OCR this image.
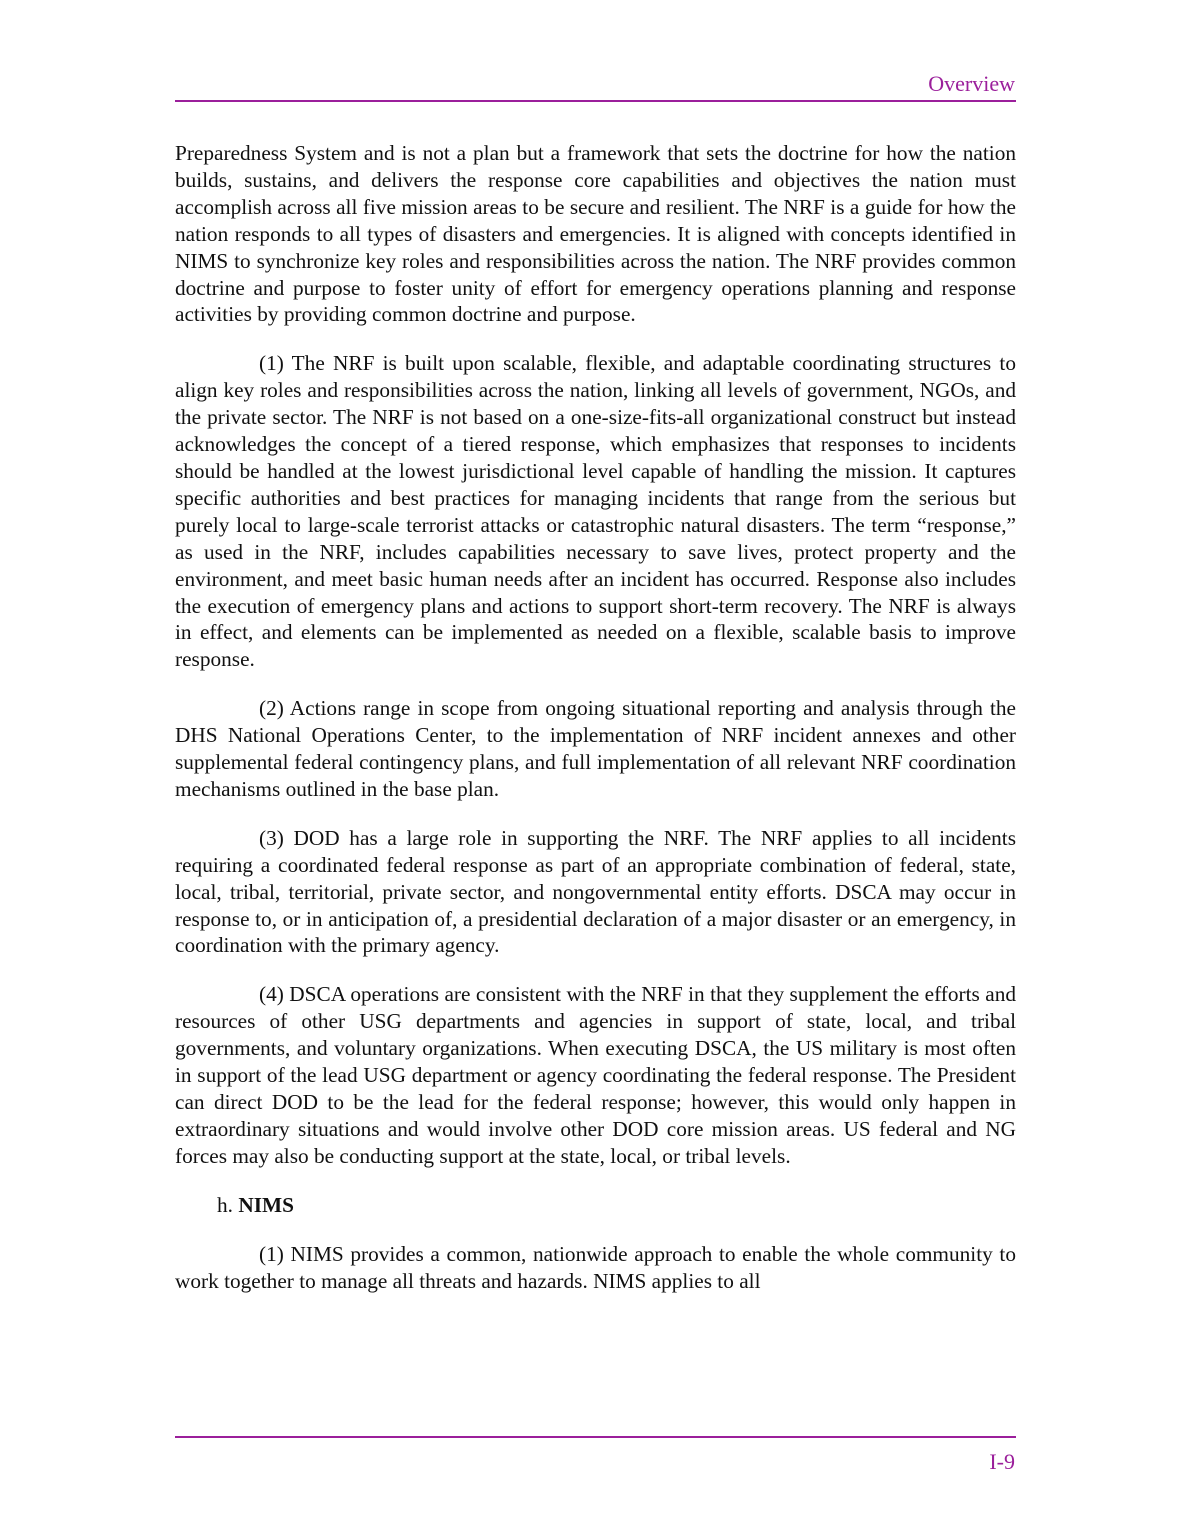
Overview

Preparedness System and is not a plan but a framework that sets the doctrine for how the nation builds, sustains, and delivers the response core capabilities and objectives the nation must accomplish across all five mission areas to be secure and resilient. The NRF is a guide for how the nation responds to all types of disasters and emergencies. It is aligned with concepts identified in NIMS to synchronize key roles and responsibilities across the nation. The NRF provides common doctrine and purpose to foster unity of effort for emergency operations planning and response activities by providing common doctrine and purpose.

(1) The NRF is built upon scalable, flexible, and adaptable coordinating structures to align key roles and responsibilities across the nation, linking all levels of government, NGOs, and the private sector. The NRF is not based on a one-size-fits-all organizational construct but instead acknowledges the concept of a tiered response, which emphasizes that responses to incidents should be handled at the lowest jurisdictional level capable of handling the mission. It captures specific authorities and best practices for managing incidents that range from the serious but purely local to large-scale terrorist attacks or catastrophic natural disasters. The term “response,” as used in the NRF, includes capabilities necessary to save lives, protect property and the environment, and meet basic human needs after an incident has occurred. Response also includes the execution of emergency plans and actions to support short-term recovery. The NRF is always in effect, and elements can be implemented as needed on a flexible, scalable basis to improve response.

(2) Actions range in scope from ongoing situational reporting and analysis through the DHS National Operations Center, to the implementation of NRF incident annexes and other supplemental federal contingency plans, and full implementation of all relevant NRF coordination mechanisms outlined in the base plan.

(3) DOD has a large role in supporting the NRF. The NRF applies to all incidents requiring a coordinated federal response as part of an appropriate combination of federal, state, local, tribal, territorial, private sector, and nongovernmental entity efforts. DSCA may occur in response to, or in anticipation of, a presidential declaration of a major disaster or an emergency, in coordination with the primary agency.

(4) DSCA operations are consistent with the NRF in that they supplement the efforts and resources of other USG departments and agencies in support of state, local, and tribal governments, and voluntary organizations. When executing DSCA, the US military is most often in support of the lead USG department or agency coordinating the federal response. The President can direct DOD to be the lead for the federal response; however, this would only happen in extraordinary situations and would involve other DOD core mission areas. US federal and NG forces may also be conducting support at the state, local, or tribal levels.

h. NIMS

(1) NIMS provides a common, nationwide approach to enable the whole community to work together to manage all threats and hazards. NIMS applies to all

I-9
